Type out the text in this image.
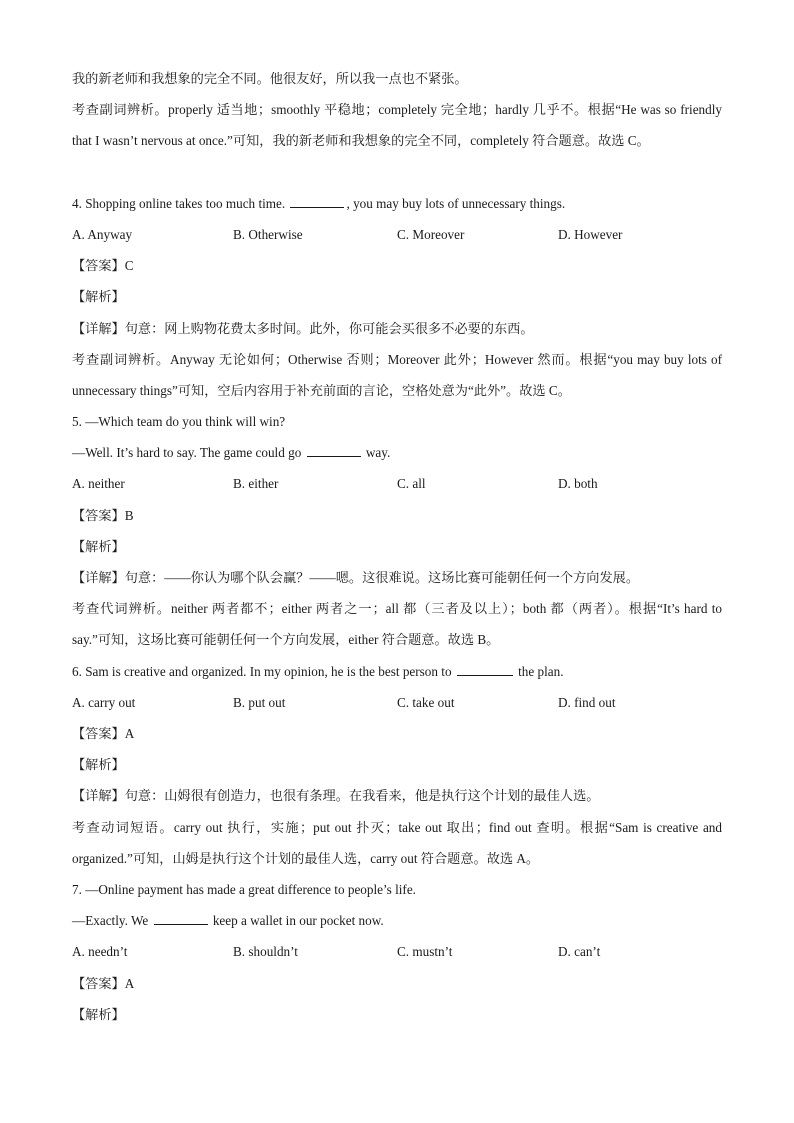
我的新老师和我想象的完全不同。他很友好，所以我一点也不紧张。
考查副词辨析。properly 适当地；smoothly 平稳地；completely 完全地；hardly 几乎不。根据“He was so friendly that I wasn’t nervous at once.”可知，我的新老师和我想象的完全不同，completely 符合题意。故选 C。
4. Shopping online takes too much time.	, you may buy lots of unnecessary things.
A. Anyway	B. Otherwise	C. Moreover	D. However
【答案】C
【解析】
【详解】句意：网上购物花费太多时间。此外，你可能会买很多不必要的东西。
考查副词辨析。Anyway 无论如何；Otherwise 否则；Moreover 此外；However 然而。根据“you may buy lots of unnecessary things”可知，空后内容用于补充前面的言论，空格处意为“此外”。故选 C。
5. —Which team do you think will win?
—Well. It’s hard to say. The game could go	way.
A. neither	B. either	C. all	D. both
【答案】B
【解析】
【详解】句意：——你认为哪个队会赢？——嗯。这很难说。这场比赛可能朝任何一个方向发展。
考查代词辨析。neither 两者都不；either 两者之一；all 都（三者及以上）；both 都（两者）。根据“It’s hard to say.”可知，这场比赛可能朝任何一个方向发展，either 符合题意。故选 B。
6. Sam is creative and organized. In my opinion, he is the best person to	the plan.
A. carry out	B. put out	C. take out	D. find out
【答案】A
【解析】
【详解】句意：山姆很有创造力，也很有条理。在我看来，他是执行这个计划的最佳人选。
考查动词短语。carry out 执行，实施；put out 扑灭；take out 取出；find out 查明。根据“Sam is creative and organized.”可知，山姆是执行这个计划的最佳人选，carry out 符合题意。故选 A。
7. —Online payment has made a great difference to people’s life.
—Exactly. We	keep a wallet in our pocket now.
A. needn’t	B. shouldn’t	C. mustn’t	D. can’t
【答案】A
【解析】
